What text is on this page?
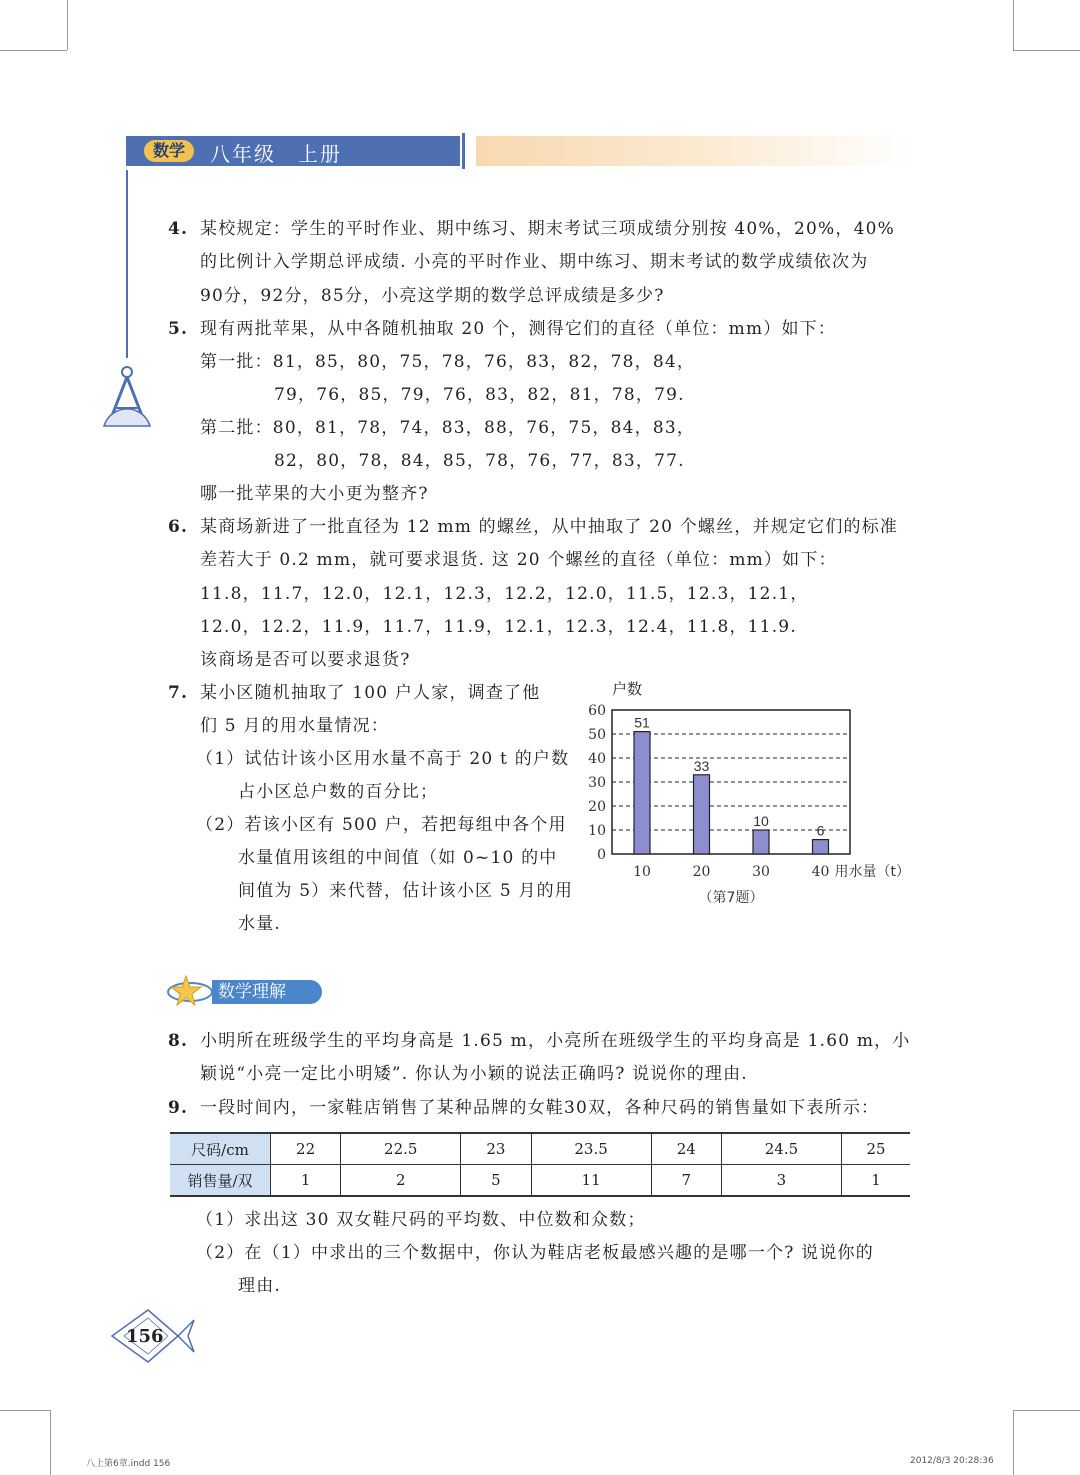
数学	八年级　上册
4. 某校规定：学生的平时作业、期中练习、期末考试三项成绩分别按 40%，20%，40%
的比例计入学期总评成绩. 小亮的平时作业、期中练习、期末考试的数学成绩依次为
90分，92分，85分，小亮这学期的数学总评成绩是多少?
5. 现有两批苹果，从中各随机抽取 20 个，测得它们的直径（单位：mm）如下：
第一批：81，85，80，75，78，76，83，82，78，84，
79，76，85，79，76，83，82，81，78，79.
第二批：80，81，78，74，83，88，76，75，84，83，
82，80，78，84，85，78，76，77，83，77.
哪一批苹果的大小更为整齐?
6. 某商场新进了一批直径为 12 mm 的螺丝，从中抽取了 20 个螺丝，并规定它们的标准
差若大于 0.2 mm，就可要求退货. 这 20 个螺丝的直径（单位：mm）如下：
11.8，11.7，12.0，12.1，12.3，12.2，12.0，11.5，12.3，12.1，
12.0，12.2，11.9，11.7，11.9，12.1，12.3，12.4，11.8，11.9.
该商场是否可以要求退货?
7. 某小区随机抽取了 100 户人家，调查了他
们 5 月的用水量情况：
（1）试估计该小区用水量不高于 20 t 的户数
占小区总户数的百分比；
（2）若该小区有 500 户，若把每组中各个用
水量值用该组的中间值（如 0~10 的中
间值为 5）来代替，估计该小区 5 月的用
水量.
户数
60
50
40
30
20
10
0
51
33
10
6
10	20	30	40 用水量（t）
（第7题）
数学理解
8. 小明所在班级学生的平均身高是 1.65 m，小亮所在班级学生的平均身高是 1.60 m，小
颖说“小亮一定比小明矮”. 你认为小颖的说法正确吗? 说说你的理由.
9. 一段时间内，一家鞋店销售了某种品牌的女鞋30双，各种尺码的销售量如下表所示：
尺码/cm	22	22.5	23	23.5	24	24.5	25
销售量/双	1	2	5	11	7	3	1
（1）求出这 30 双女鞋尺码的平均数、中位数和众数；
（2）在（1）中求出的三个数据中，你认为鞋店老板最感兴趣的是哪一个? 说说你的
理由.
156
八上第6章.indd 156	2012/8/3 20:28:36
